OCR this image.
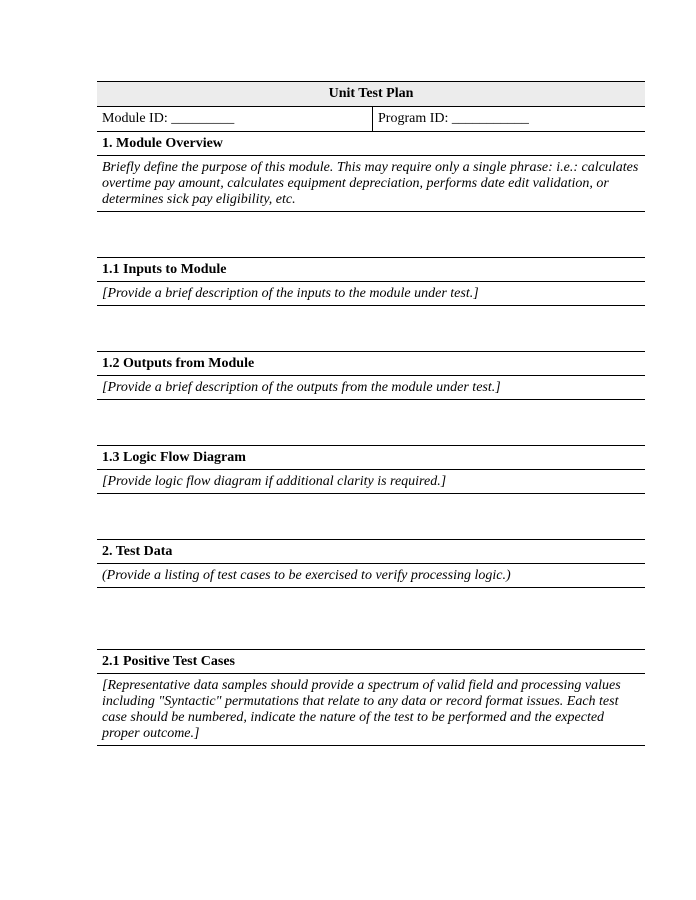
Unit Test Plan
Module ID: _________	Program ID: ___________
1. Module Overview
Briefly define the purpose of this module. This may require only a single phrase: i.e.: calculates overtime pay amount, calculates equipment depreciation, performs date edit validation, or determines sick pay eligibility, etc.
1.1 Inputs to Module
[Provide a brief description of the inputs to the module under test.]
1.2 Outputs from Module
[Provide a brief description of the outputs from the module under test.]
1.3 Logic Flow Diagram
[Provide logic flow diagram if additional clarity is required.]
2. Test Data
(Provide a listing of test cases to be exercised to verify processing logic.)
2.1 Positive Test Cases
[Representative data samples should provide a spectrum of valid field and processing values including "Syntactic" permutations that relate to any data or record format issues. Each test case should be numbered, indicate the nature of the test to be performed and the expected proper outcome.]
